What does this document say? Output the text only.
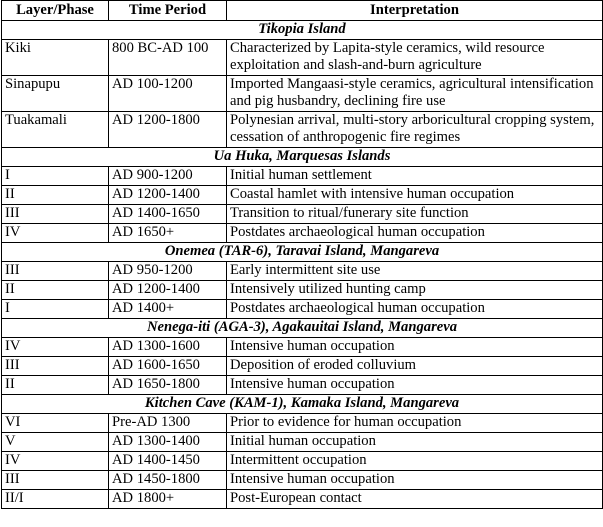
Layer/Phase	Time Period	Interpretation
Tikopia Island		
Kiki	800 BC-AD 100	Characterized by Lapita-style ceramics, wild resource exploitation and slash-and-burn agriculture
Sinapupu	AD 100-1200	Imported Mangaasi-style ceramics, agricultural intensification and pig husbandry, declining fire use
Tuakamali	AD 1200-1800	Polynesian arrival, multi-story arboricultural cropping system, cessation of anthropogenic fire regimes
Ua Huka, Marquesas Islands		
I	AD 900-1200	Initial human settlement
II	AD 1200-1400	Coastal hamlet with intensive human occupation
III	AD 1400-1650	Transition to ritual/funerary site function
IV	AD 1650+	Postdates archaeological human occupation
Onemea (TAR-6), Taravai Island, Mangareva		
III	AD 950-1200	Early intermittent site use
II	AD 1200-1400	Intensively utilized hunting camp
I	AD 1400+	Postdates archaeological human occupation
Nenega-iti (AGA-3), Agakauitai Island, Mangareva		
IV	AD 1300-1600	Intensive human occupation
III	AD 1600-1650	Deposition of eroded colluvium
II	AD 1650-1800	Intensive human occupation
Kitchen Cave (KAM-1), Kamaka Island, Mangareva		
VI	Pre-AD 1300	Prior to evidence for human occupation
V	AD 1300-1400	Initial human occupation
IV	AD 1400-1450	Intermittent occupation
III	AD 1450-1800	Intensive human occupation
II/I	AD 1800+	Post-European contact
